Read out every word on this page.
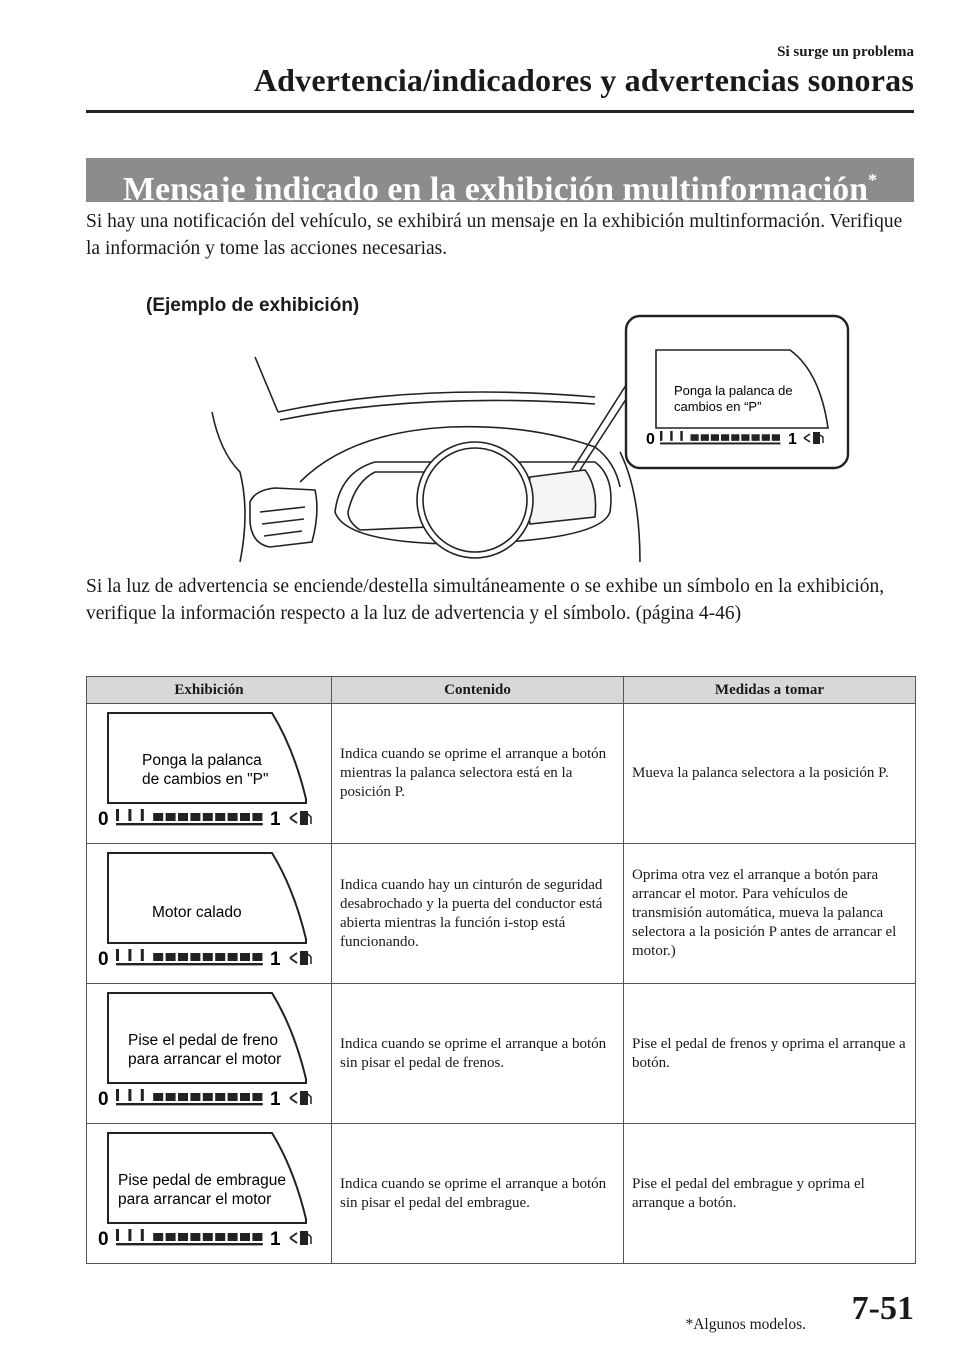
Si surge un problema
Advertencia/indicadores y advertencias sonoras
Mensaje indicado en la exhibición multinformación*
Si hay una notificación del vehículo, se exhibirá un mensaje en la exhibición multinformación. Verifique la información y tome las acciones necesarias.
(Ejemplo de exhibición)
Ponga la palanca de
cambios en “P”
0	1
Si la luz de advertencia se enciende/destella simultáneamente o se exhibe un símbolo en la exhibición, verifique la información respecto a la luz de advertencia y el símbolo. (página 4-46)
Exhibición	Contenido	Medidas a tomar

Ponga la palanca
de cambios en "P"
0 1	Indica cuando se oprime el arranque a botón mientras la palanca selectora está en la posición P.	Mueva la palanca selectora a la posición P.

Motor calado
0 1	Indica cuando hay un cinturón de seguridad desabrochado y la puerta del conductor está abierta mientras la función i-stop está funcionando.	Oprima otra vez el arranque a botón para arrancar el motor. Para vehículos de transmisión automática, mueva la palanca selectora a la posición P antes de arrancar el motor.)

Pise el pedal de freno
para arrancar el motor
0 1	Indica cuando se oprime el arranque a botón sin pisar el pedal de frenos.	Pise el pedal de frenos y oprima el arranque a botón.

Pise pedal de embrague
para arrancar el motor
0 1	Indica cuando se oprime el arranque a botón sin pisar el pedal del embrague.	Pise el pedal del embrague y oprima el arranque a botón.
*Algunos modelos. 7-51
